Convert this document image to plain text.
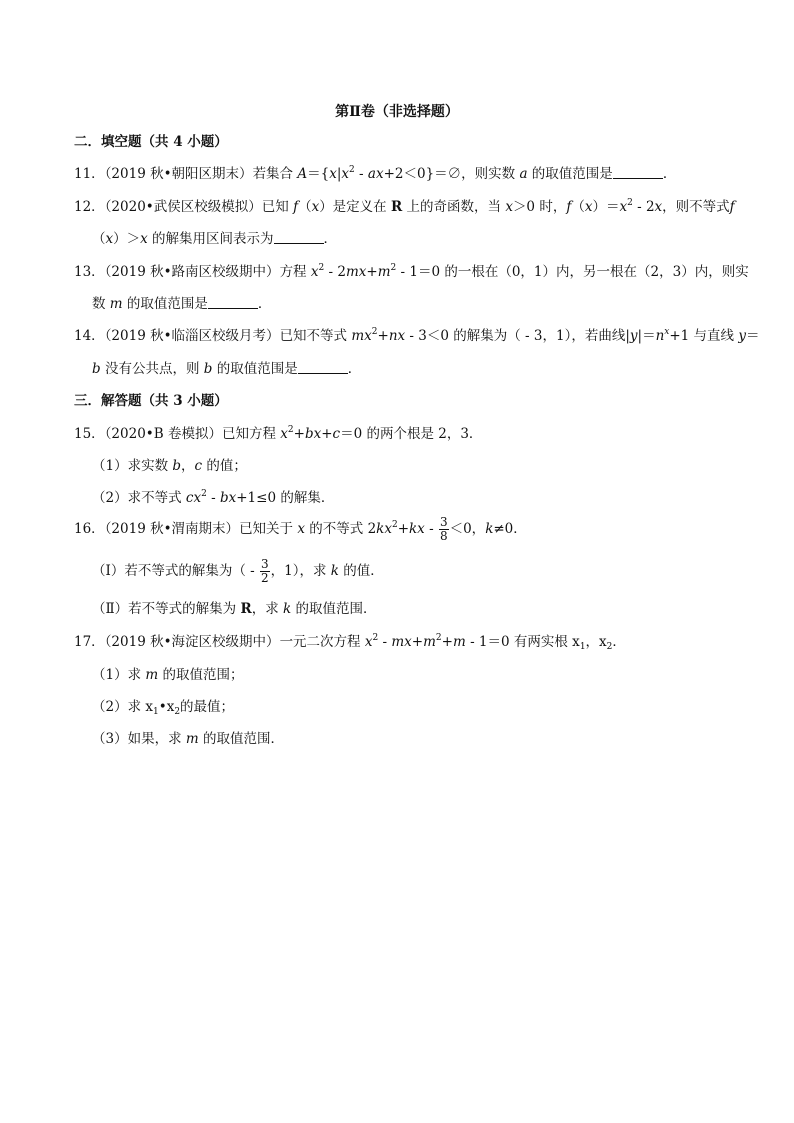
第Ⅱ卷（非选择题）
二．填空题（共 4 小题）
11．（2019 秋•朝阳区期末）若集合 $A=\{x|x^2$ - ax+2＜0}＝∅，则实数 a 的取值范围是	．
12．（2020•武侯区校级模拟）已知 f（x）是定义在 R 上的奇函数，当 x＞0 时，$f(x)=x^2 - 2x$，则不等式f
（x）＞x 的解集用区间表示为	．
13．（2019 秋•路南区校级期中）方程 $x^2 - 2mx+m^2 - 1=0$ 的一根在（0，1）内，另一根在（2，3）内，则实
数 m 的取值范围是	．
14．（2019 秋•临淄区校级月考）已知不等式 $mx^2+nx - 3<0$ 的解集为（ - 3，1），若曲线$|y|=n^x+1$ 与直线 y＝
b 没有公共点，则 b 的取值范围是	．
三．解答题（共 3 小题）
15．（2020•B 卷模拟）已知方程 $x^2+bx+c=0$ 的两个根是 2，3．
（1）求实数 b，c 的值；
（2）求不等式 $cx^2 - bx+1\le 0$ 的解集．
16．（2019 秋•渭南期末）已知关于 x 的不等式 $2kx^2+kx - \frac{3}{8} <0$，k≠0．
（Ⅰ）若不等式的解集为（ - $\frac{3}{2}$ ，1），求 k 的值．
（Ⅱ）若不等式的解集为 R，求 k 的取值范围．
17．（2019 秋•海淀区校级期中）一元二次方程 $x^2 - mx+m^2+m - 1=0$ 有两实根 $x_1$，$x_2$．
（1）求 m 的取值范围；
（2）求 $x_1•x_2$的最值；
（3）如果，求 m 的取值范围．
